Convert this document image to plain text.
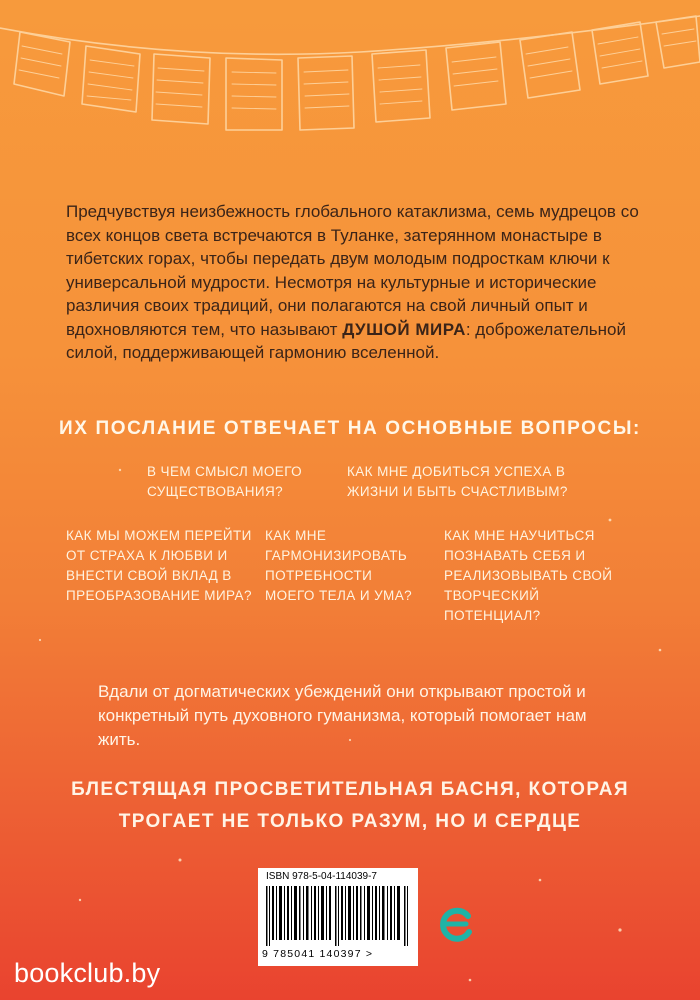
Предчувствуя неизбежность глобального катаклизма, семь мудрецов со всех концов света встречаются в Туланке, затерянном монастыре в тибетских горах, чтобы передать двум молодым подросткам ключи к универсальной мудрости. Несмотря на культурные и исторические различия своих традиций, они полагаются на свой личный опыт и вдохновляются тем, что называют ДУШОЙ МИРА: доброжелательной силой, поддерживающей гармонию вселенной.
ИХ ПОСЛАНИЕ ОТВЕЧАЕТ НА ОСНОВНЫЕ ВОПРОСЫ:
В ЧЕМ СМЫСЛ МОЕГО СУЩЕСТВОВАНИЯ?
КАК МНЕ ДОБИТЬСЯ УСПЕХА В ЖИЗНИ И БЫТЬ СЧАСТЛИВЫМ?
КАК МЫ МОЖЕМ ПЕРЕЙТИ ОТ СТРАХА К ЛЮБВИ И ВНЕСТИ СВОЙ ВКЛАД В ПРЕОБРАЗОВАНИЕ МИРА?
КАК МНЕ ГАРМОНИЗИРОВАТЬ ПОТРЕБНОСТИ МОЕГО ТЕЛА И УМА?
КАК МНЕ НАУЧИТЬСЯ ПОЗНАВАТЬ СЕБЯ И РЕАЛИЗОВЫВАТЬ СВОЙ ТВОРЧЕСКИЙ ПОТЕНЦИАЛ?
Вдали от догматических убеждений они открывают простой и конкретный путь духовного гуманизма, который помогает нам жить.
БЛЕСТЯЩАЯ ПРОСВЕТИТЕЛЬНАЯ БАСНЯ, КОТОРАЯ
ТРОГАЕТ НЕ ТОЛЬКО РАЗУМ, НО И СЕРДЦЕ
ISBN 978-5-04-114039-7
9 785041 140397 >
bookclub.by
